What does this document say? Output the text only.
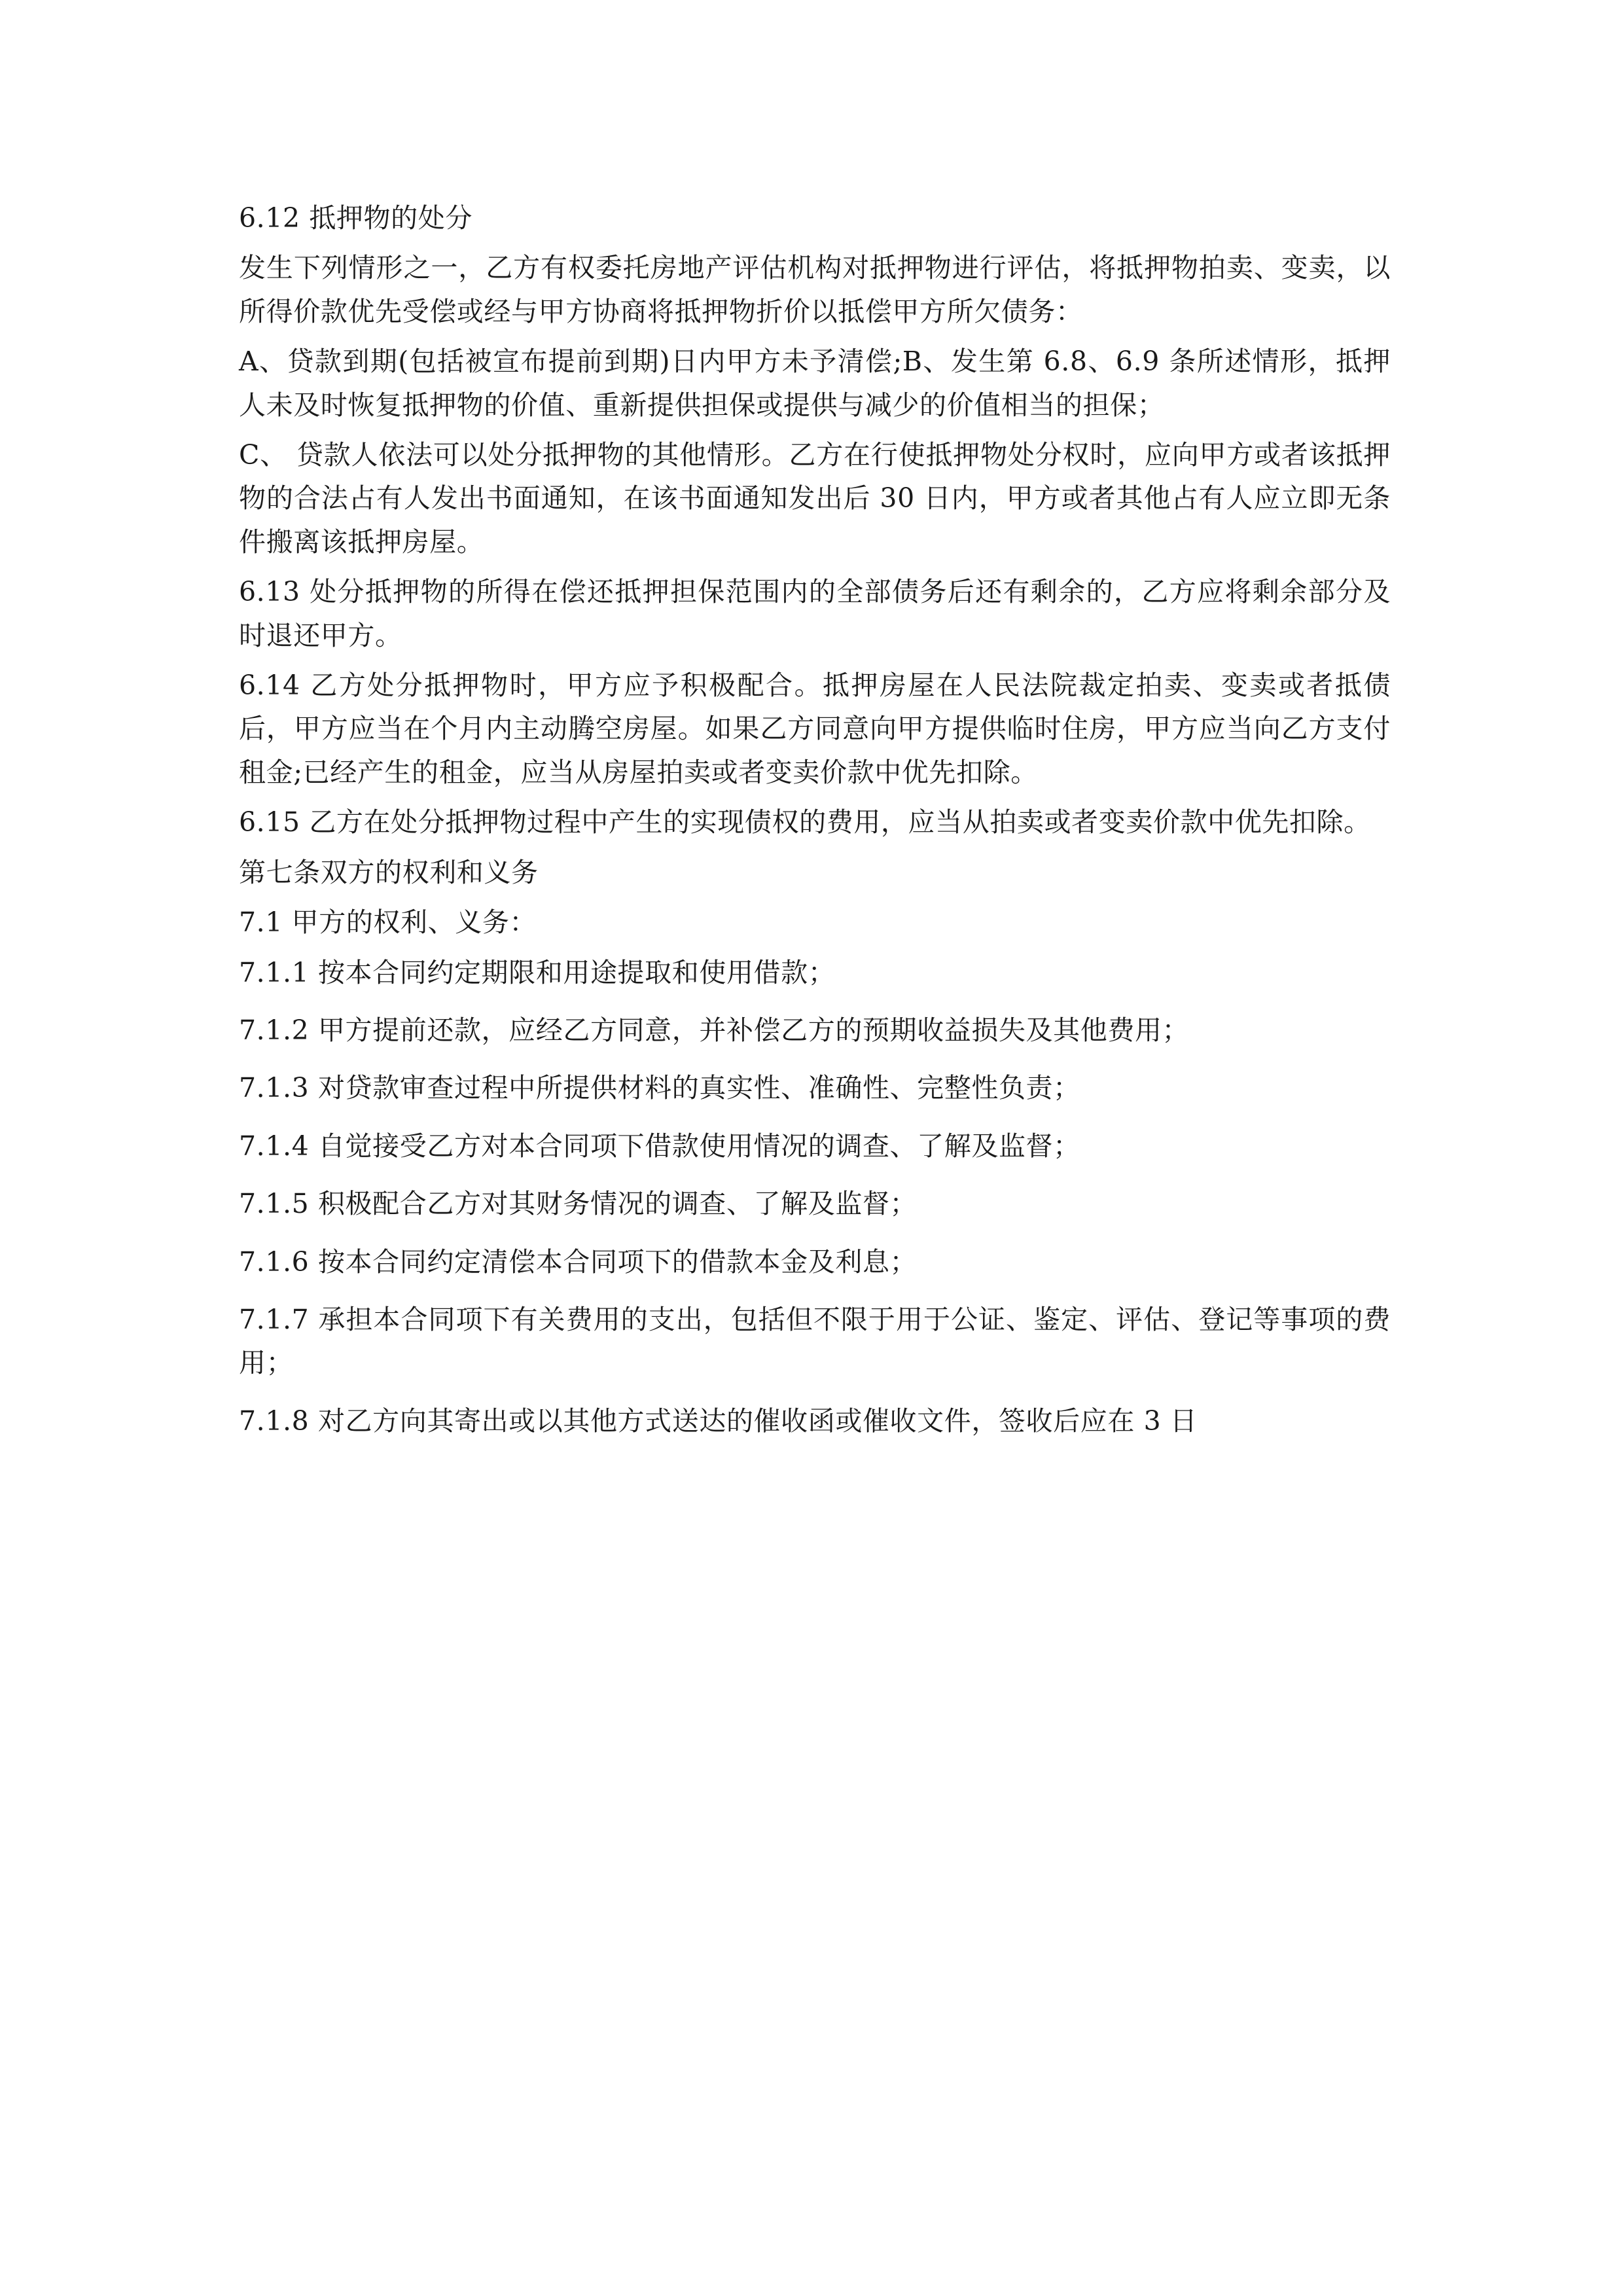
6.12 抵押物的处分

发生下列情形之一，乙方有权委托房地产评估机构对抵押物进行评估，将抵押物拍卖、变卖，以所得价款优先受偿或经与甲方协商将抵押物折价以抵偿甲方所欠债务：

A、贷款到期(包括被宣布提前到期)日内甲方未予清偿;B、发生第 6.8、6.9 条所述情形，抵押人未及时恢复抵押物的价值、重新提供担保或提供与减少的价值相当的担保；

C、 贷款人依法可以处分抵押物的其他情形。乙方在行使抵押物处分权时，应向甲方或者该抵押物的合法占有人发出书面通知，在该书面通知发出后 30 日内，甲方或者其他占有人应立即无条件搬离该抵押房屋。

6.13 处分抵押物的所得在偿还抵押担保范围内的全部债务后还有剩余的，乙方应将剩余部分及时退还甲方。

6.14 乙方处分抵押物时，甲方应予积极配合。抵押房屋在人民法院裁定拍卖、变卖或者抵债后，甲方应当在个月内主动腾空房屋。如果乙方同意向甲方提供临时住房，甲方应当向乙方支付租金;已经产生的租金，应当从房屋拍卖或者变卖价款中优先扣除。

6.15 乙方在处分抵押物过程中产生的实现债权的费用，应当从拍卖或者变卖价款中优先扣除。

第七条双方的权利和义务

7.1 甲方的权利、义务：

7.1.1 按本合同约定期限和用途提取和使用借款；

7.1.2 甲方提前还款，应经乙方同意，并补偿乙方的预期收益损失及其他费用；

7.1.3 对贷款审查过程中所提供材料的真实性、准确性、完整性负责；

7.1.4 自觉接受乙方对本合同项下借款使用情况的调查、了解及监督；

7.1.5 积极配合乙方对其财务情况的调查、了解及监督；

7.1.6 按本合同约定清偿本合同项下的借款本金及利息；

7.1.7 承担本合同项下有关费用的支出，包括但不限于用于公证、鉴定、评估、登记等事项的费用；

7.1.8 对乙方向其寄出或以其他方式送达的催收函或催收文件，签收后应在 3 日
